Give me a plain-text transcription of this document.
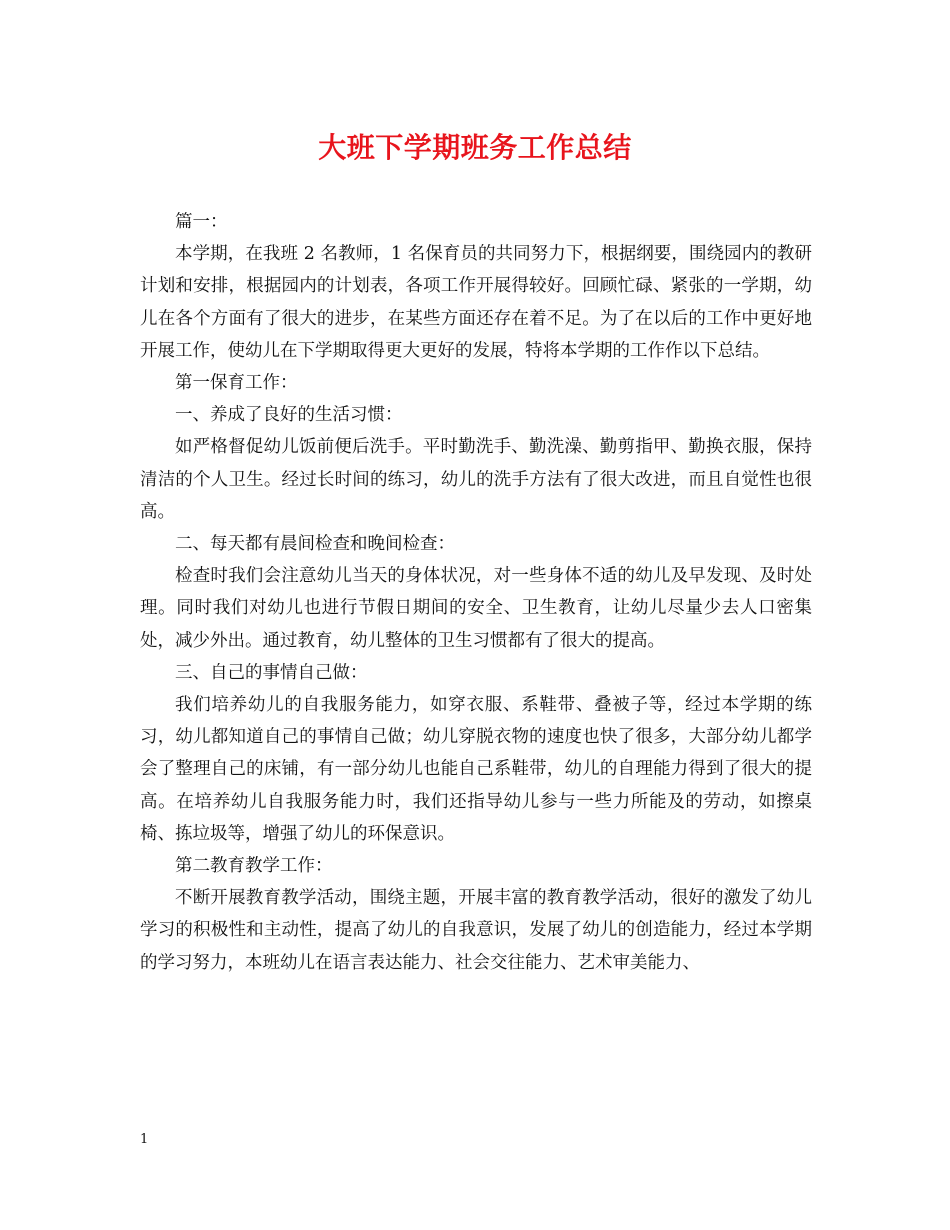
大班下学期班务工作总结

篇一：

本学期，在我班 2 名教师，1 名保育员的共同努力下，根据纲要，围绕园内的教研计划和安排，根据园内的计划表，各项工作开展得较好。回顾忙碌、紧张的一学期，幼儿在各个方面有了很大的进步，在某些方面还存在着不足。为了在以后的工作中更好地开展工作，使幼儿在下学期取得更大更好的发展，特将本学期的工作作以下总结。

第一保育工作：

一、养成了良好的生活习惯：

如严格督促幼儿饭前便后洗手。平时勤洗手、勤洗澡、勤剪指甲、勤换衣服，保持清洁的个人卫生。经过长时间的练习，幼儿的洗手方法有了很大改进，而且自觉性也很高。

二、每天都有晨间检查和晚间检查：

检查时我们会注意幼儿当天的身体状况，对一些身体不适的幼儿及早发现、及时处理。同时我们对幼儿也进行节假日期间的安全、卫生教育，让幼儿尽量少去人口密集处，减少外出。通过教育，幼儿整体的卫生习惯都有了很大的提高。

三、自己的事情自己做：

我们培养幼儿的自我服务能力，如穿衣服、系鞋带、叠被子等，经过本学期的练习，幼儿都知道自己的事情自己做；幼儿穿脱衣物的速度也快了很多，大部分幼儿都学会了整理自己的床铺，有一部分幼儿也能自己系鞋带，幼儿的自理能力得到了很大的提高。在培养幼儿自我服务能力时，我们还指导幼儿参与一些力所能及的劳动，如擦桌椅、拣垃圾等，增强了幼儿的环保意识。

第二教育教学工作：

不断开展教育教学活动，围绕主题，开展丰富的教育教学活动，很好的激发了幼儿学习的积极性和主动性，提高了幼儿的自我意识，发展了幼儿的创造能力，经过本学期的学习努力，本班幼儿在语言表达能力、社会交往能力、艺术审美能力、

1
